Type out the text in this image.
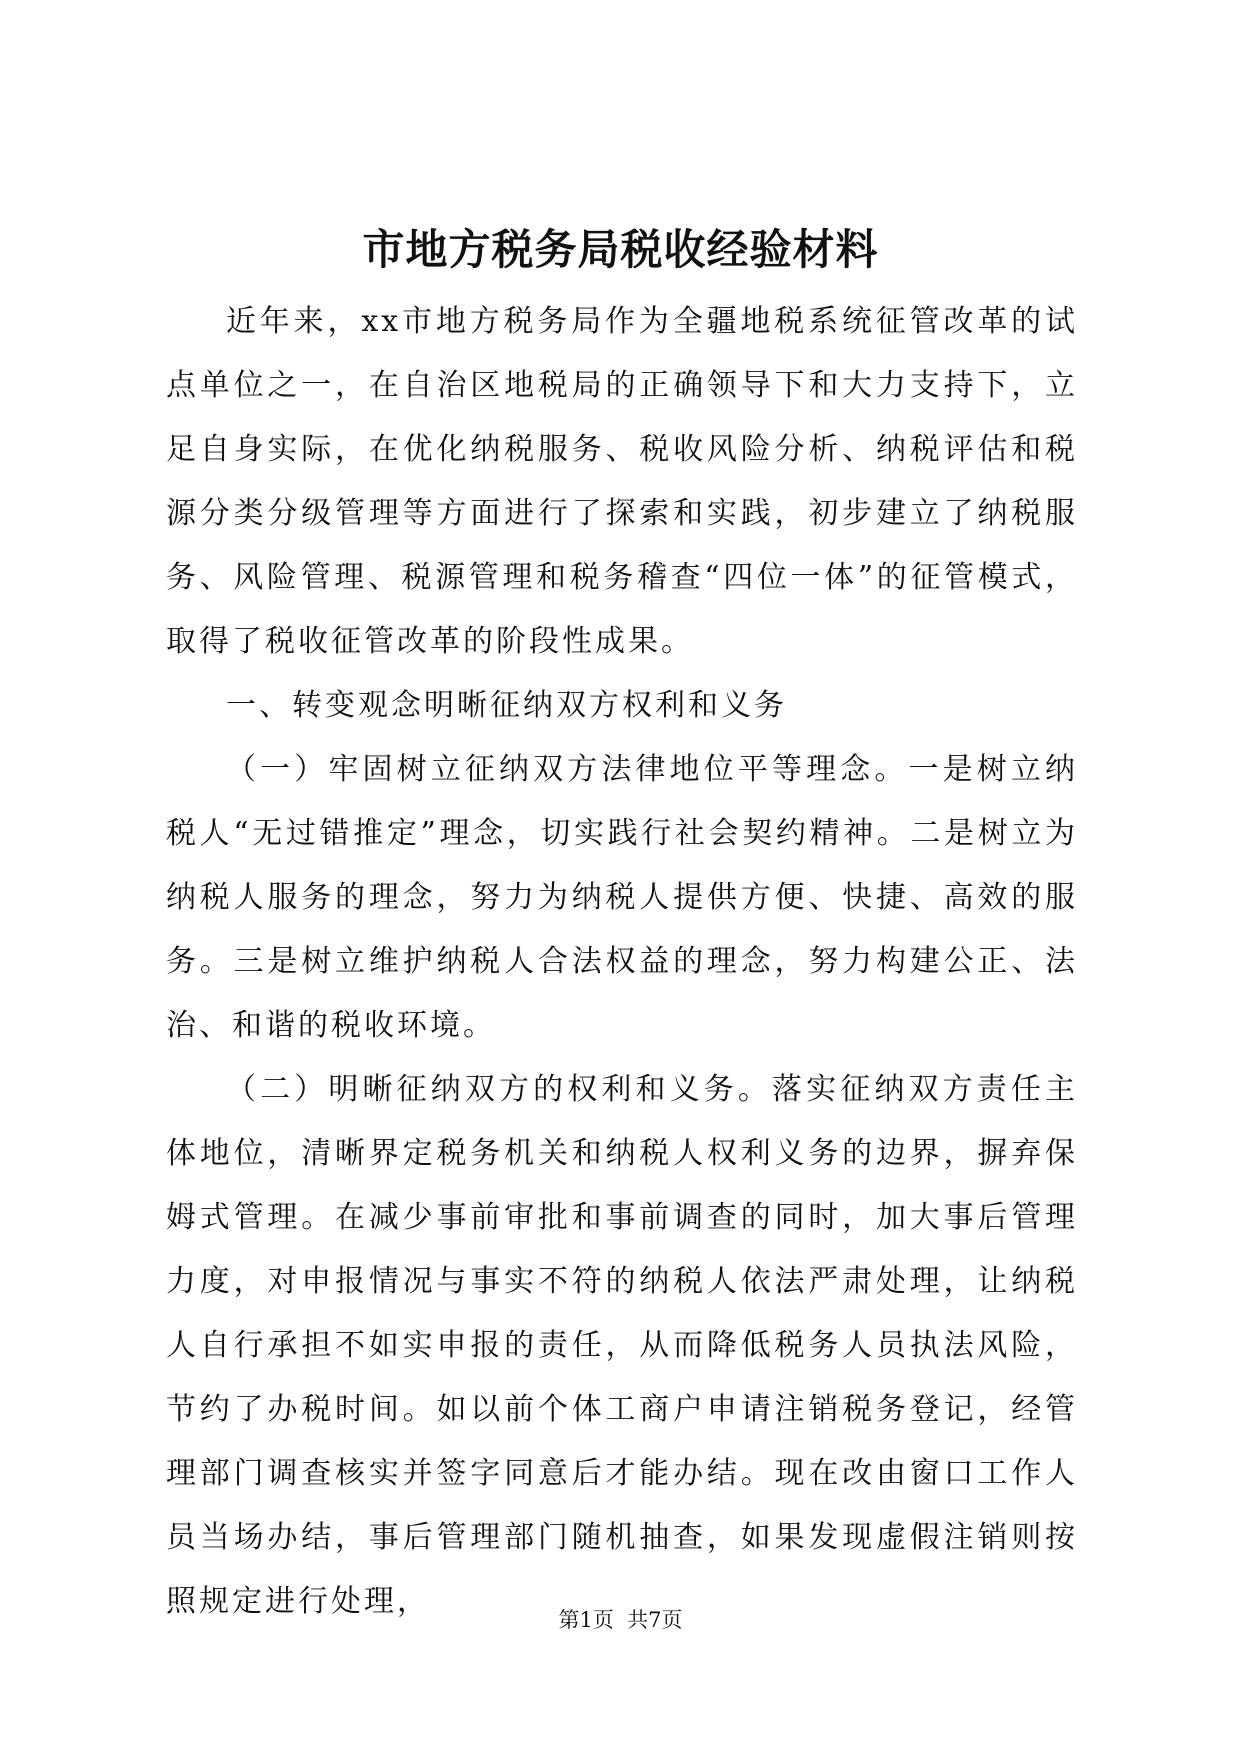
市地方税务局税收经验材料

近年来，xx市地方税务局作为全疆地税系统征管改革的试点单位之一，在自治区地税局的正确领导下和大力支持下，立足自身实际，在优化纳税服务、税收风险分析、纳税评估和税源分类分级管理等方面进行了探索和实践，初步建立了纳税服务、风险管理、税源管理和税务稽查“四位一体”的征管模式，取得了税收征管改革的阶段性成果。

一、转变观念明晰征纳双方权利和义务

（一）牢固树立征纳双方法律地位平等理念。一是树立纳税人“无过错推定”理念，切实践行社会契约精神。二是树立为纳税人服务的理念，努力为纳税人提供方便、快捷、高效的服务。三是树立维护纳税人合法权益的理念，努力构建公正、法治、和谐的税收环境。

（二）明晰征纳双方的权利和义务。落实征纳双方责任主体地位，清晰界定税务机关和纳税人权利义务的边界，摒弃保姆式管理。在减少事前审批和事前调查的同时，加大事后管理力度，对申报情况与事实不符的纳税人依法严肃处理，让纳税人自行承担不如实申报的责任，从而降低税务人员执法风险，节约了办税时间。如以前个体工商户申请注销税务登记，经管理部门调查核实并签字同意后才能办结。现在改由窗口工作人员当场办结，事后管理部门随机抽查，如果发现虚假注销则按照规定进行处理，

第1页  共7页
